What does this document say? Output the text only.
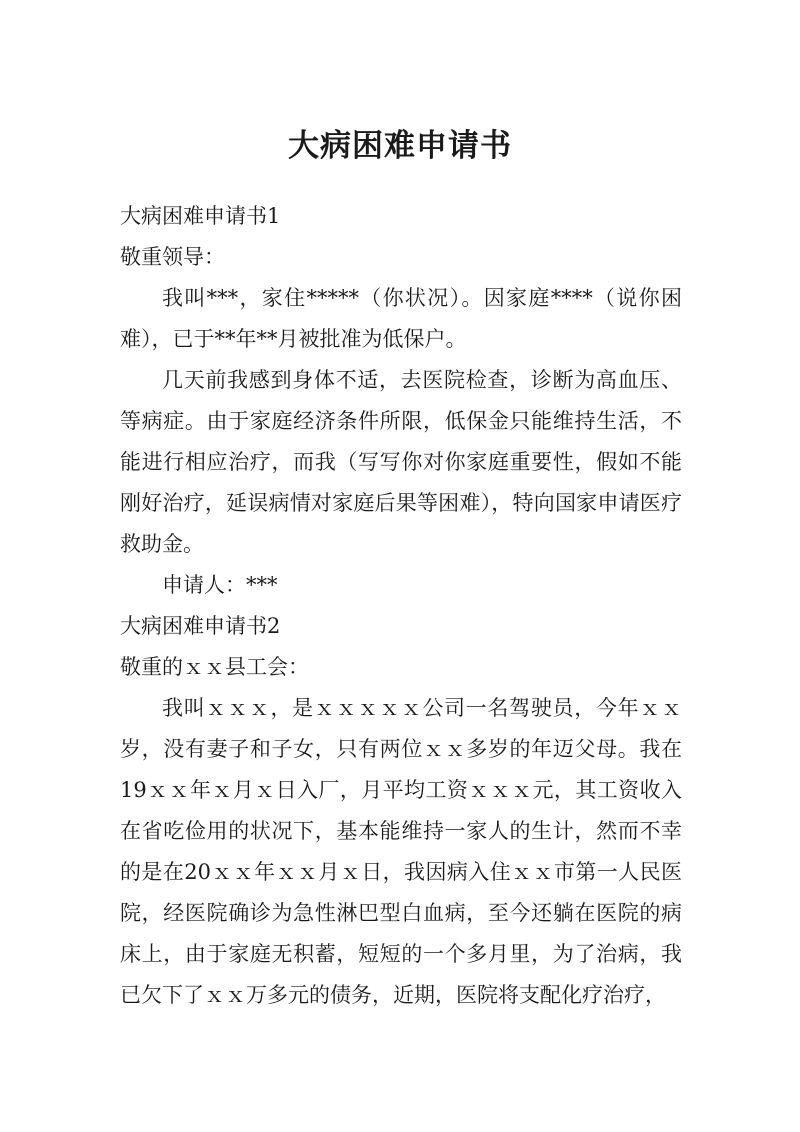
大病困难申请书

大病困难申请书1

敬重领导：

我叫***，家住*****（你状况）。因家庭****（说你困难），已于**年**月被批准为低保户。

几天前我感到身体不适，去医院检查，诊断为高血压、等病症。由于家庭经济条件所限，低保金只能维持生活，不能进行相应治疗，而我（写写你对你家庭重要性，假如不能刚好治疗，延误病情对家庭后果等困难），特向国家申请医疗救助金。

申请人：***

大病困难申请书2

敬重的ｘｘ县工会：

我叫ｘｘｘ，是ｘｘｘｘｘ公司一名驾驶员，今年ｘｘ岁，没有妻子和子女，只有两位ｘｘ多岁的年迈父母。我在19ｘｘ年ｘ月ｘ日入厂，月平均工资ｘｘｘ元，其工资收入在省吃俭用的状况下，基本能维持一家人的生计，然而不幸的是在20ｘｘ年ｘｘ月ｘ日，我因病入住ｘｘ市第一人民医院，经医院确诊为急性淋巴型白血病，至今还躺在医院的病床上，由于家庭无积蓄，短短的一个多月里，为了治病，我已欠下了ｘｘ万多元的债务，近期，医院将支配化疗治疗，
